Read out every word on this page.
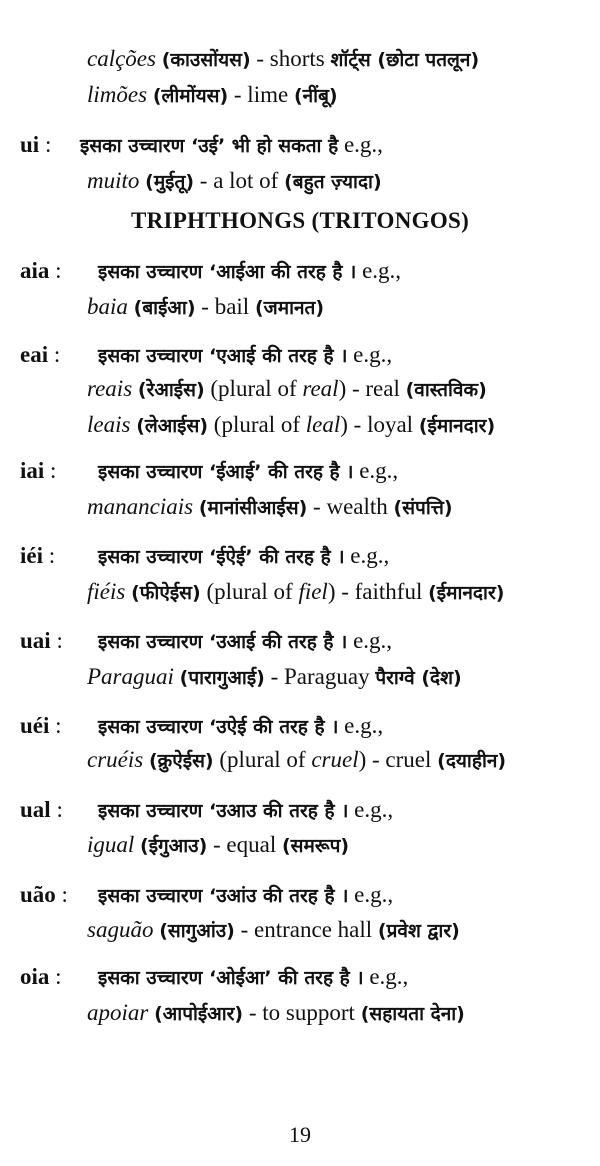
calções (काउसोंयस) - shorts शॉर्ट्स (छोटा पतलून)
limões (लीमोंयस) - lime (नींबू)
ui : इसका उच्चारण ‘उई’ भी हो सकता है e.g.,
muito (मुईतू) - a lot of (बहुत ज़्यादा)
TRIPHTHONGS (TRITONGOS)
aia : इसका उच्चारण ‘आईआ की तरह है । e.g.,
baia (बाईआ) - bail (जमानत)
eai : इसका उच्चारण ‘एआई की तरह है । e.g.,
reais (रेआईस) (plural of real) - real (वास्तविक)
leais (लेआईस) (plural of leal) - loyal (ईमानदार)
iai : इसका उच्चारण ‘ईआई’ की तरह है । e.g.,
mananciais (मानांसीआईस) - wealth (संपत्ति)
iéi : इसका उच्चारण ‘ईऐई’ की तरह है । e.g.,
fiéis (फीऐईस) (plural of fiel) - faithful (ईमानदार)
uai : इसका उच्चारण ‘उआई की तरह है । e.g.,
Paraguai (पारागुआई) - Paraguay पैराग्वे (देश)
uéi : इसका उच्चारण ‘उऐई की तरह है । e.g.,
cruéis (क्रुऐईस) (plural of cruel) - cruel (दयाहीन)
ual : इसका उच्चारण ‘उआउ की तरह है । e.g.,
igual (ईगुआउ) - equal (समरूप)
uão : इसका उच्चारण ‘उआंउ की तरह है । e.g.,
saguão (सागुआंउ) - entrance hall (प्रवेश द्वार)
oia : इसका उच्चारण ‘ओईआ’ की तरह है । e.g.,
apoiar (आपोईआर) - to support (सहायता देना)
19
